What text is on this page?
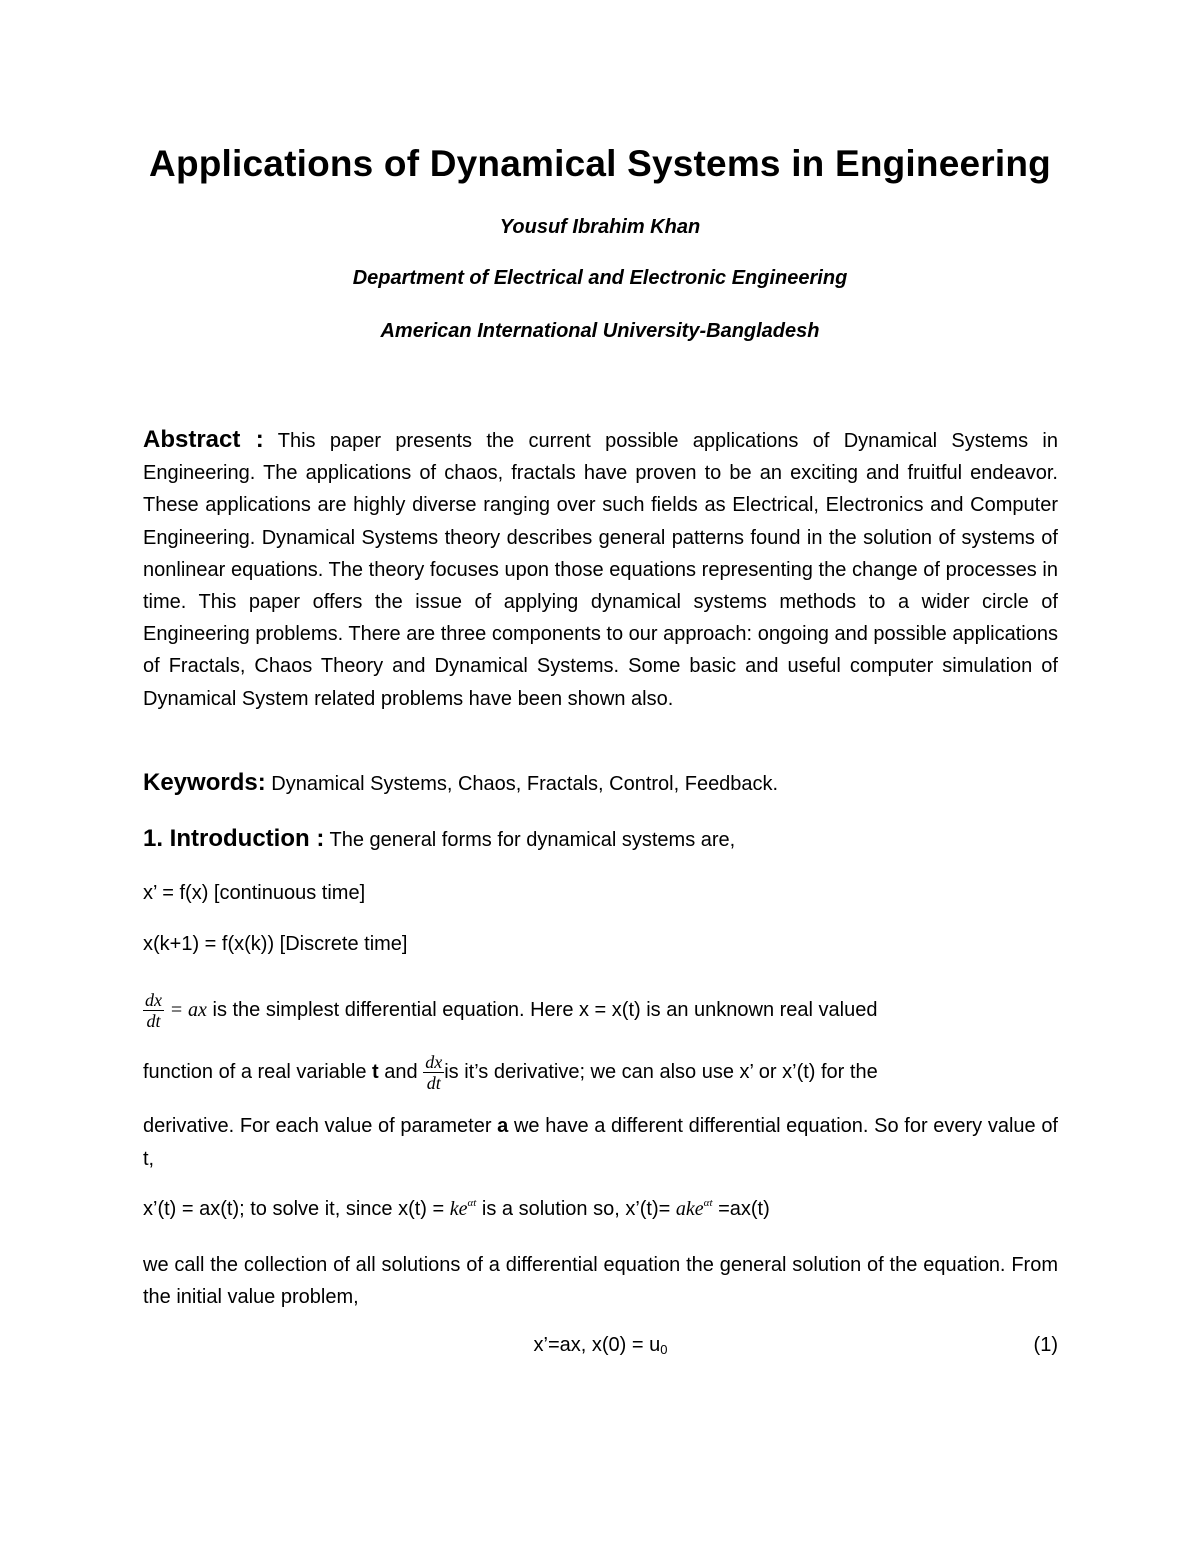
Applications of Dynamical Systems in Engineering
Yousuf Ibrahim Khan
Department of Electrical and Electronic Engineering
American International University-Bangladesh
Abstract : This paper presents the current possible applications of Dynamical Systems in Engineering. The applications of chaos, fractals have proven to be an exciting and fruitful endeavor. These applications are highly diverse ranging over such fields as Electrical, Electronics and Computer Engineering. Dynamical Systems theory describes general patterns found in the solution of systems of nonlinear equations. The theory focuses upon those equations representing the change of processes in time. This paper offers the issue of applying dynamical systems methods to a wider circle of Engineering problems. There are three components to our approach: ongoing and possible applications of Fractals, Chaos Theory and Dynamical Systems. Some basic and useful computer simulation of Dynamical System related problems have been shown also.
Keywords: Dynamical Systems, Chaos, Fractals, Control, Feedback.
1. Introduction : The general forms for dynamical systems are,
x’ = f(x) [continuous time]
x(k+1) = f(x(k)) [Discrete time]
$\frac{dx}{dt}$ = ax is the simplest differential equation. Here x = x(t) is an unknown real valued
function of a real variable t and $\frac{dx}{dt}$ is it’s derivative; we can also use x’ or x’(t) for the
derivative. For each value of parameter a we have a different differential equation. So for every value of t,
x’(t) = ax(t); to solve it, since $x(t) = ke^{\alpha t}$ is a solution so, x’(t)= ake$^{\alpha t}$ =ax(t)
we call the collection of all solutions of a differential equation the general solution of the equation. From the initial value problem,
x’=ax, x(0) = u0	(1)
